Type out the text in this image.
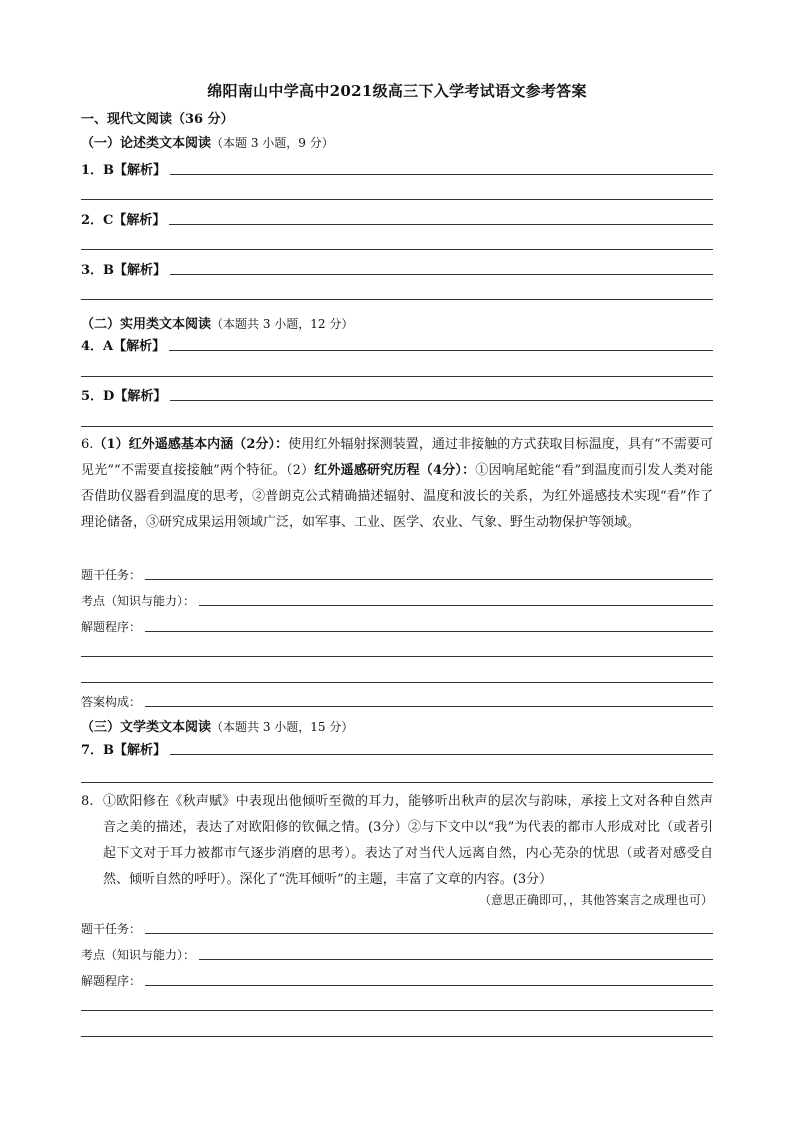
绵阳南山中学高中2021级高三下入学考试语文参考答案
一、现代文阅读（36 分）
（一）论述类文本阅读（本题 3 小题，9 分）
1．B【解析】
2．C【解析】
3．B【解析】
（二）实用类文本阅读（本题共 3 小题，12 分）
4．A【解析】
5．D【解析】
6.（1）红外遥感基本内涵（2分）：使用红外辐射探测装置，通过非接触的方式获取目标温度，具有“不需要可见光”“不需要直接接触”两个特征。（2）红外遥感研究历程（4分）：①因响尾蛇能“看”到温度而引发人类对能否借助仪器看到温度的思考，②普朗克公式精确描述辐射、温度和波长的关系，为红外遥感技术实现“看”作了理论储备，③研究成果运用领域广泛，如军事、工业、医学、农业、气象、野生动物保护等领域。
题干任务：
考点（知识与能力）：
解题程序：
答案构成：
（三）文学类文本阅读（本题共 3 小题，15 分）
7．B【解析】
8. ①欧阳修在《秋声赋》中表现出他倾听至微的耳力，能够听出秋声的层次与韵味，承接上文对各种自然声音之美的描述，表达了对欧阳修的钦佩之情。(3分）②与下文中以“我”为代表的都市人形成对比（或者引起下文对于耳力被都市气逐步消磨的思考）。表达了对当代人远离自然，内心芜杂的忧思（或者对感受自然、倾听自然的呼吁）。深化了“洗耳倾听”的主题，丰富了文章的内容。(3分）
（意思正确即可，，其他答案言之成理也可）
题干任务：
考点（知识与能力）：
解题程序：
